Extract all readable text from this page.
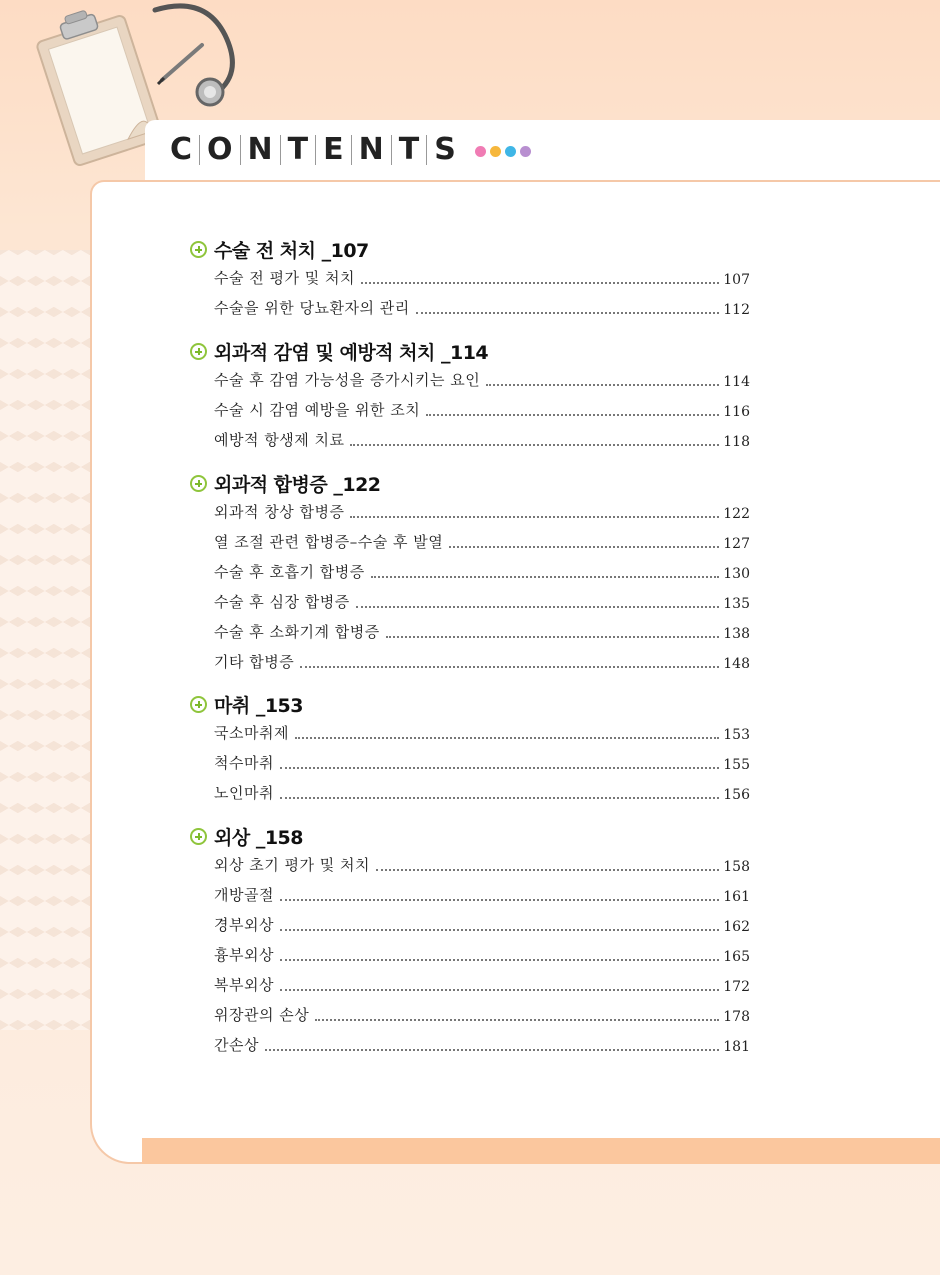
C O N T E N T S
수술 전 처치 _107
수술 전 평가 및 처치	107
수술을 위한 당뇨환자의 관리	112
외과적 감염 및 예방적 처치 _114
수술 후 감염 가능성을 증가시키는 요인	114
수술 시 감염 예방을 위한 조치	116
예방적 항생제 치료	118
외과적 합병증 _122
외과적 창상 합병증	122
열 조절 관련 합병증–수술 후 발열	127
수술 후 호흡기 합병증	130
수술 후 심장 합병증	135
수술 후 소화기계 합병증	138
기타 합병증	148
마취 _153
국소마취제	153
척수마취	155
노인마취	156
외상 _158
외상 초기 평가 및 처치	158
개방골절	161
경부외상	162
흉부외상	165
복부외상	172
위장관의 손상	178
간손상	181
